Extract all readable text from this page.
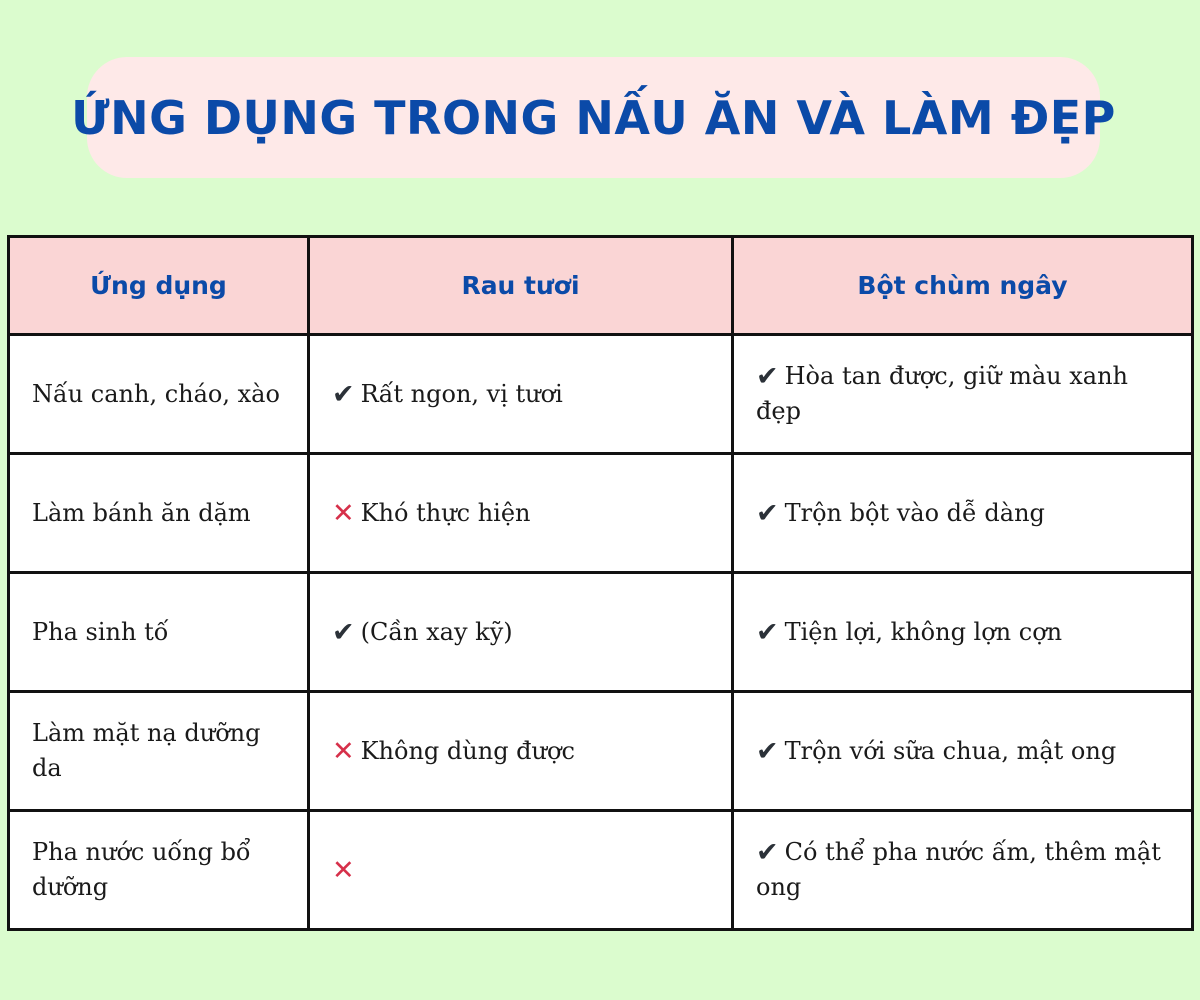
ỨNG DỤNG TRONG NẤU ĂN VÀ LÀM ĐẸP
Ứng dụng	Rau tươi	Bột chùm ngây
Nấu canh, cháo, xào	✔ Rất ngon, vị tươi	✔ Hòa tan được, giữ màu xanh đẹp
Làm bánh ăn dặm	✕ Khó thực hiện	✔ Trộn bột vào dễ dàng
Pha sinh tố	✔ (Cần xay kỹ)	✔ Tiện lợi, không lợn cợn
Làm mặt nạ dưỡng da	✕ Không dùng được	✔ Trộn với sữa chua, mật ong
Pha nước uống bổ dưỡng	✕	✔ Có thể pha nước ấm, thêm mật ong
